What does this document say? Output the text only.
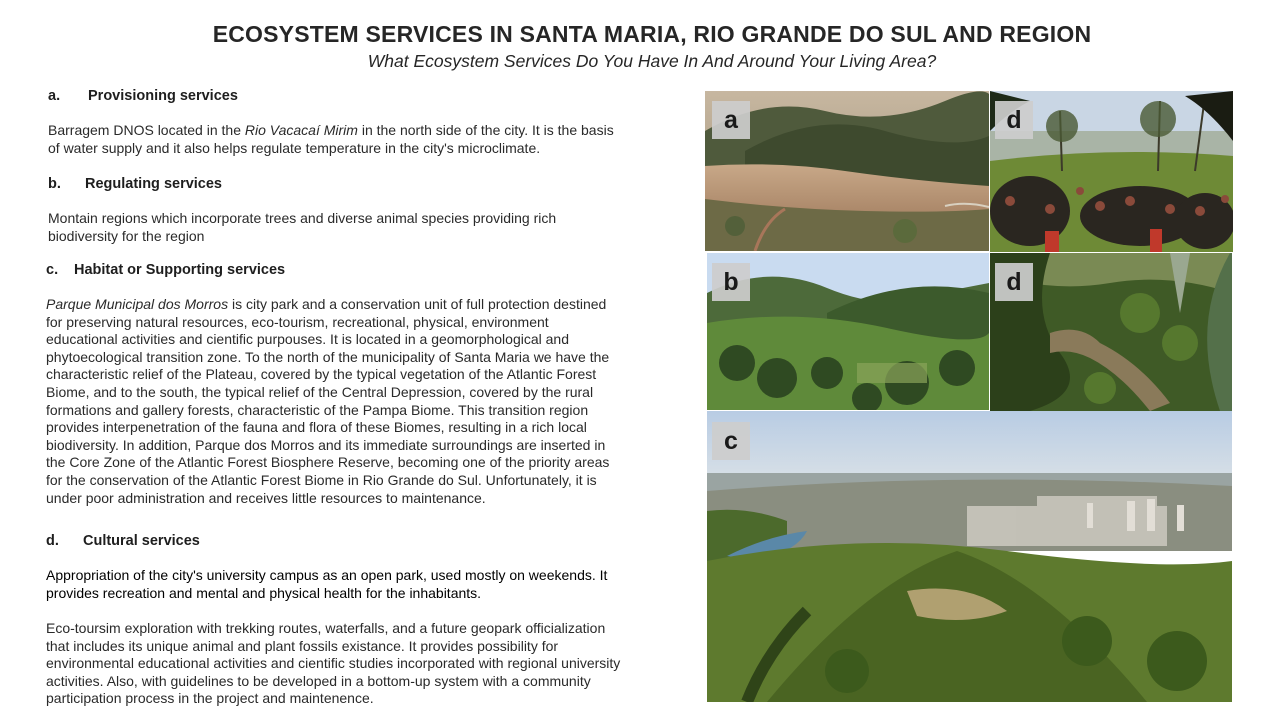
ECOSYSTEM SERVICES IN SANTA MARIA, RIO GRANDE DO SUL AND REGION
What Ecosystem Services Do You Have In And Around Your Living Area?
a. Provisioning services
Barragem DNOS located in the Rio Vacacaí Mirim in the north side of the city. It is the basis of water supply and it also helps regulate temperature in the city's microclimate.
b. Regulating services
Montain regions which incorporate trees and diverse animal species providing rich biodiversity for the region
c. Habitat or Supporting services
Parque Municipal dos Morros is city park and a conservation unit of full protection destined for preserving natural resources, eco-tourism, recreational, physical, environment educational activities and cientific purpouses. It is located in a geomorphological and phytoecological transition zone. To the north of the municipality of Santa Maria we have the characteristic relief of the Plateau, covered by the typical vegetation of the Atlantic Forest Biome, and to the south, the typical relief of the Central Depression, covered by the rural formations and gallery forests, characteristic of the Pampa Biome. This transition region provides interpenetration of the fauna and flora of these Biomes, resulting in a rich local biodiversity. In addition, Parque dos Morros and its immediate surroundings are inserted in the Core Zone of the Atlantic Forest Biosphere Reserve, becoming one of the priority areas for the conservation of the Atlantic Forest Biome in Rio Grande do Sul. Unfortunately, it is under poor administration and receives little resources to maintenance.
d. Cultural services
Appropriation of the city's university campus as an open park, used mostly on weekends. It provides recreation and mental and physical health for the inhabitants.
Eco-toursim exploration with trekking routes, waterfalls, and a future geopark officialization that includes its unique animal and plant fossils existance. It provides possibility for environmental educational activities and cientific studies incorporated with regional university activities. Also, with guidelines to be developed in a bottom-up system with a community participation process in the project and maintenence.
a	d
b	d
c
